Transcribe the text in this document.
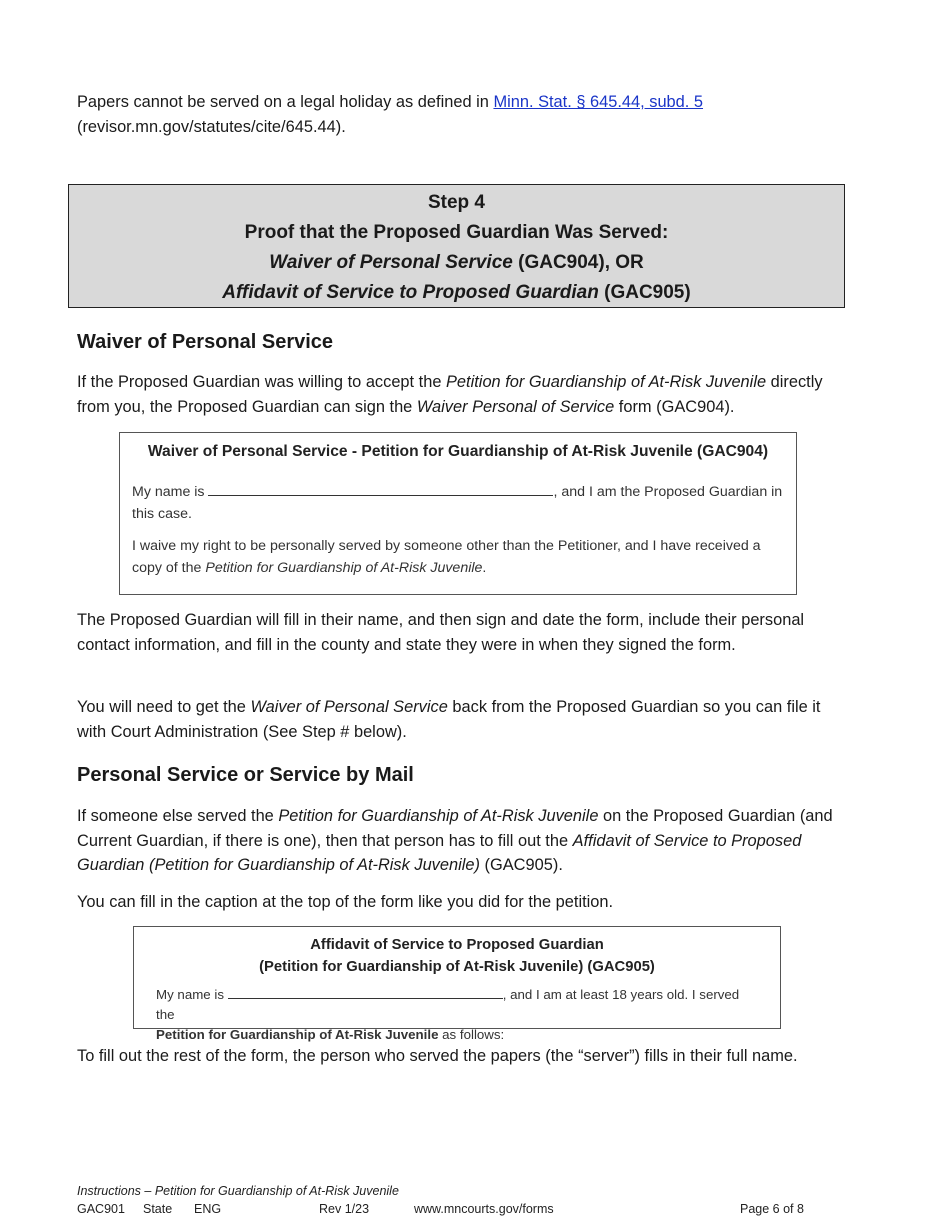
Papers cannot be served on a legal holiday as defined in Minn. Stat. § 645.44, subd. 5
(revisor.mn.gov/statutes/cite/645.44).

Step 4
Proof that the Proposed Guardian Was Served:
Waiver of Personal Service (GAC904), OR
Affidavit of Service to Proposed Guardian (GAC905)
Waiver of Personal Service

If the Proposed Guardian was willing to accept the Petition for Guardianship of At-Risk Juvenile directly from you, the Proposed Guardian can sign the Waiver Personal of Service form (GAC904).

Waiver of Personal Service - Petition for Guardianship of At-Risk Juvenile (GAC904)
My name is	, and I am the Proposed Guardian in this case.
I waive my right to be personally served by someone other than the Petitioner, and I have received a copy of the Petition for Guardianship of At-Risk Juvenile.

The Proposed Guardian will fill in their name, and then sign and date the form, include their personal contact information, and fill in the county and state they were in when they signed the form.

You will need to get the Waiver of Personal Service back from the Proposed Guardian so you can file it with Court Administration (See Step # below).

Personal Service or Service by Mail

If someone else served the Petition for Guardianship of At-Risk Juvenile on the Proposed Guardian (and Current Guardian, if there is one), then that person has to fill out the Affidavit of Service to Proposed Guardian (Petition for Guardianship of At-Risk Juvenile) (GAC905).

You can fill in the caption at the top of the form like you did for the petition.

Affidavit of Service to Proposed Guardian
(Petition for Guardianship of At-Risk Juvenile) (GAC905)
My name is	, and I am at least 18 years old. I served the
Petition for Guardianship of At-Risk Juvenile as follows:

To fill out the rest of the form, the person who served the papers (the “server”) fills in their full name.

Instructions – Petition for Guardianship of At-Risk Juvenile
GAC901 State ENG	Rev 1/23	www.mncourts.gov/forms	Page 6 of 8
